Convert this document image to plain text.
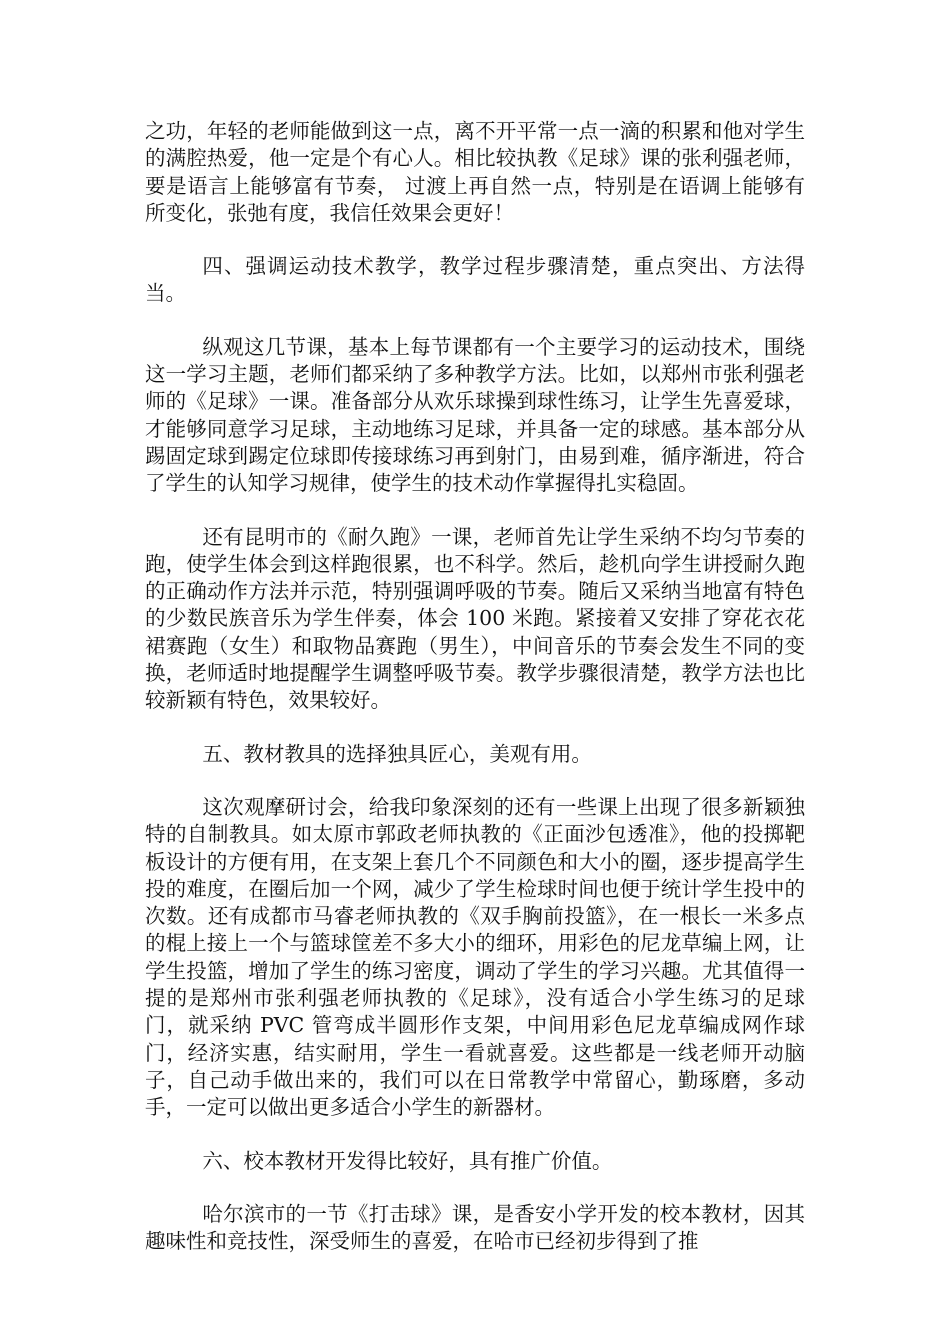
之功，年轻的老师能做到这一点，离不开平常一点一滴的积累和他对学生的满腔热爱，他一定是个有心人。相比较执教《足球》课的张利强老师，要是语言上能够富有节奏， 过渡上再自然一点，特别是在语调上能够有所变化，张弛有度，我信任效果会更好！

四、强调运动技术教学，教学过程步骤清楚，重点突出、方法得当。

纵观这几节课，基本上每节课都有一个主要学习的运动技术，围绕这一学习主题，老师们都采纳了多种教学方法。比如，以郑州市张利强老师的《足球》一课。准备部分从欢乐球操到球性练习，让学生先喜爱球，才能够同意学习足球，主动地练习足球，并具备一定的球感。基本部分从踢固定球到踢定位球即传接球练习再到射门，由易到难，循序渐进，符合了学生的认知学习规律，使学生的技术动作掌握得扎实稳固。

还有昆明市的《耐久跑》一课，老师首先让学生采纳不均匀节奏的跑，使学生体会到这样跑很累，也不科学。然后，趁机向学生讲授耐久跑的正确动作方法并示范，特别强调呼吸的节奏。随后又采纳当地富有特色的少数民族音乐为学生伴奏，体会 100 米跑。紧接着又安排了穿花衣花裙赛跑（女生）和取物品赛跑（男生），中间音乐的节奏会发生不同的变换，老师适时地提醒学生调整呼吸节奏。教学步骤很清楚，教学方法也比较新颖有特色，效果较好。

五、教材教具的选择独具匠心，美观有用。

这次观摩研讨会，给我印象深刻的还有一些课上出现了很多新颖独特的自制教具。如太原市郭政老师执教的《正面沙包透准》，他的投掷靶板设计的方便有用，在支架上套几个不同颜色和大小的圈，逐步提高学生投的难度，在圈后加一个网，减少了学生检球时间也便于统计学生投中的次数。还有成都市马睿老师执教的《双手胸前投篮》，在一根长一米多点的棍上接上一个与篮球筐差不多大小的细环，用彩色的尼龙草编上网，让学生投篮，增加了学生的练习密度，调动了学生的学习兴趣。尤其值得一提的是郑州市张利强老师执教的《足球》，没有适合小学生练习的足球门，就采纳 PVC 管弯成半圆形作支架，中间用彩色尼龙草编成网作球门，经济实惠，结实耐用，学生一看就喜爱。这些都是一线老师开动脑子，自己动手做出来的，我们可以在日常教学中常留心，勤琢磨，多动手，一定可以做出更多适合小学生的新器材。

六、校本教材开发得比较好，具有推广价值。

哈尔滨市的一节《打击球》课，是香安小学开发的校本教材，因其趣味性和竞技性，深受师生的喜爱，在哈市已经初步得到了推
